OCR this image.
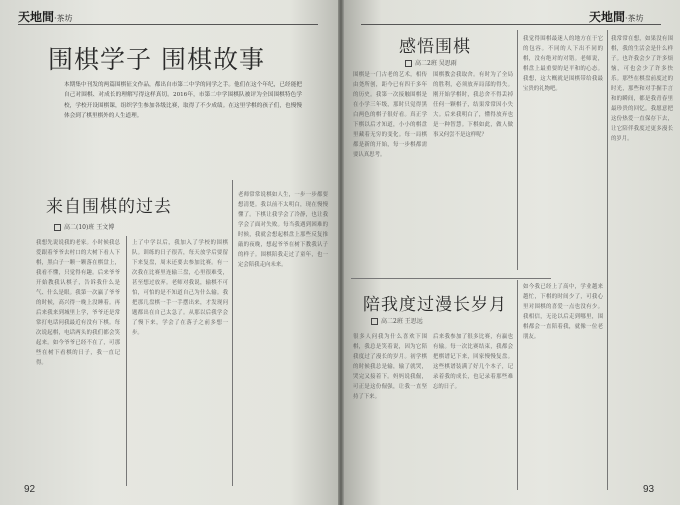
天地間·茶坊
围棋学子 围棋故事
本期集中刊发的两篇围棋征文作品，都出自市第二中学的同学之手。他们在这个年纪，已经能把自己对围棋、对成长的理解写得这样真切。2016年，市第二中学围棋队被评为全国围棋特色学校，学校开设围棋课，组织学生参加各级比赛，取得了不少成绩。在这里学棋的孩子们，也慢慢体会到了棋里棋外的人生道理。
来自围棋的过去
高二(10)班 王文博
我想先说说我的老家。小时候我总爱跟着爷爷去村口的大树下看人下棋，黑白子一颗一颗落在棋盘上，我看不懂，只觉得有趣。后来爷爷开始教我认棋子，告诉我什么是气、什么是眼。我第一次赢了爷爷的时候，高兴得一晚上没睡着。再后来我来到城里上学，爷爷还是常常打电话问我最近有没有下棋。每次说起棋，电话两头的我们都会笑起来。如今爷爷已经不在了，可那些在树下看棋的日子，我一直记得。
上了中学以后，我加入了学校的围棋队。训练的日子很苦，每天放学后要留下来复盘，周末还要去参加比赛。有一次我在比赛里连输三盘，心里很难受，甚至想过放弃。老师对我说，输棋不可怕，可怕的是不知道自己为什么输。我把那几盘棋一手一手摆出来，才发现问题都出在自己太急了。从那以后我学会了慢下来，学会了在落子之前多想一步。
老师常常说棋如人生，一步一步都要想清楚。我以前不太明白，现在慢慢懂了。下棋让我学会了冷静，也让我学会了面对失败。每当我遇到困难的时候，我就会想起棋盘上那些反复推敲的夜晚，想起爷爷在树下教我认子的样子。围棋陪我走过了童年，也一定会陪我走向未来。
92
天地間·茶坊
感悟围棋
高二2班 吴思雨
围棋是一门古老的艺术，相传由尧所创，距今已有四千多年的历史。我第一次接触围棋是在小学三年级，那时只觉得黑白两色的棋子很好看。真正学下棋以后才知道，小小的棋盘里藏着无穷的变化。每一局棋都是新的开始，每一步棋都需要认真思考。
围棋教会我取舍。有时为了全局的胜利，必须放弃局部的得失。刚开始学棋时，我总舍不得丢掉任何一颗棋子，结果常常因小失大。后来我明白了，懂得放弃也是一种智慧。下棋如此，做人做事又何尝不是这样呢？
我觉得围棋最迷人的地方在于它的包容。不同的人下出不同的棋，没有绝对的对错。老师说，棋盘上最重要的是平和的心态。我想，这大概就是围棋带给我最宝贵的礼物吧。
陪我度过漫长岁月
高二2班 王思远
很多人问我为什么喜欢下围棋，我总是笑着说，因为它陪我度过了漫长的岁月。初学棋的时候我总是输，输了就哭，哭完又接着下。妈妈说我倔，可正是这份倔强，让我一直坚持了下来。
后来我参加了很多比赛，有赢也有输。每一次比赛结束，我都会把棋谱记下来，回家慢慢复盘。这些棋谱装满了好几个本子，记录着我的成长，也记录着那些难忘的日子。
如今我已经上了高中，学业越来越忙，下棋的时间少了，可我心里对围棋的喜爱一点也没有少。我相信，无论以后走到哪里，围棋都会一直陪着我，就像一位老朋友。
我常常在想，如果没有围棋，我的生活会是什么样子。也许我会少了许多烦恼，可也会少了许多快乐。那些在棋盘前度过的时光，那些和对手握手言和的瞬间，都是我青春里最珍贵的回忆。我愿意把这份热爱一直保存下去，让它陪伴我度过更多漫长的岁月。
93
